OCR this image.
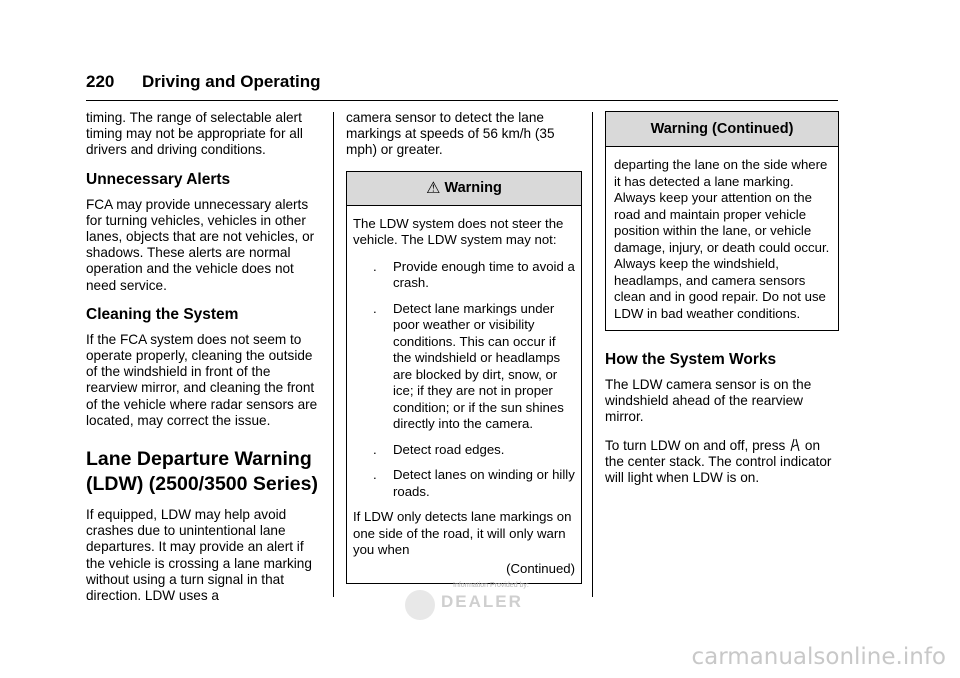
220 Driving and Operating

timing. The range of selectable alert timing may not be appropriate for all drivers and driving conditions.

Unnecessary Alerts

FCA may provide unnecessary alerts for turning vehicles, vehicles in other lanes, objects that are not vehicles, or shadows. These alerts are normal operation and the vehicle does not need service.

Cleaning the System

If the FCA system does not seem to operate properly, cleaning the outside of the windshield in front of the rearview mirror, and cleaning the front of the vehicle where radar sensors are located, may correct the issue.

Lane Departure Warning
(LDW) (2500/3500 Series)

If equipped, LDW may help avoid crashes due to unintentional lane departures. It may provide an alert if the vehicle is crossing a lane marking without using a turn signal in that direction. LDW uses a

camera sensor to detect the lane markings at speeds of 56 km/h (35 mph) or greater.

⚠ Warning

The LDW system does not steer the vehicle. The LDW system may not:

. Provide enough time to avoid a crash.
. Detect lane markings under poor weather or visibility conditions. This can occur if the windshield or headlamps are blocked by dirt, snow, or ice; if they are not in proper condition; or if the sun shines directly into the camera.
. Detect road edges.
. Detect lanes on winding or hilly roads.

If LDW only detects lane markings on one side of the road, it will only warn you when

(Continued)
Warning (Continued)

departing the lane on the side where it has detected a lane marking. Always keep your attention on the road and maintain proper vehicle position within the lane, or vehicle damage, injury, or death could occur. Always keep the windshield, headlamps, and camera sensors clean and in good repair. Do not use LDW in bad weather conditions.

How the System Works

The LDW camera sensor is on the windshield ahead of the rearview mirror.

To turn LDW on and off, press on the center stack. The control indicator will light when LDW is on.

Information Provided by:
DEALER
carmanualsonline.info
